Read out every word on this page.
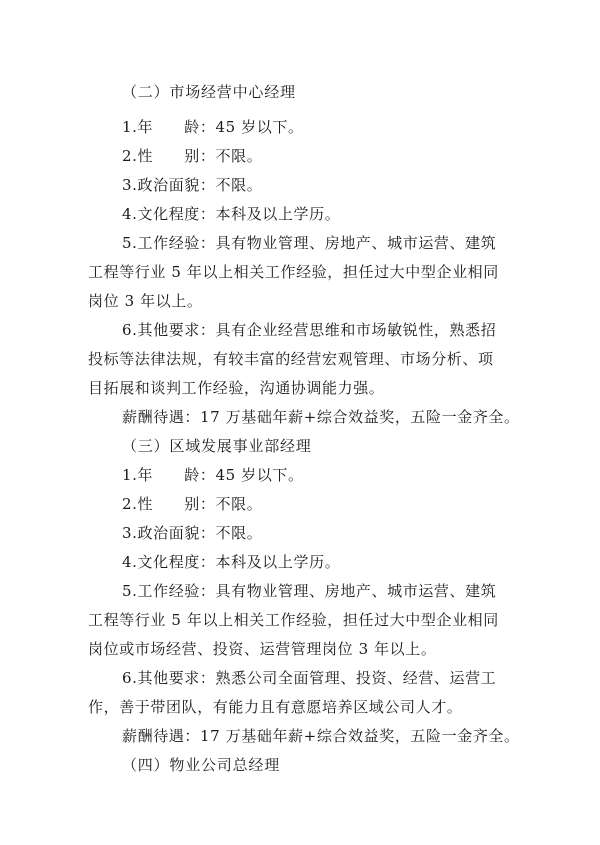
（二）市场经营中心经理
1.年　　龄：45 岁以下。
2.性　　别：不限。
3.政治面貌：不限。
4.文化程度：本科及以上学历。
5.工作经验：具有物业管理、房地产、城市运营、建筑
工程等行业 5 年以上相关工作经验，担任过大中型企业相同
岗位 3 年以上。
6.其他要求：具有企业经营思维和市场敏锐性，熟悉招
投标等法律法规，有较丰富的经营宏观管理、市场分析、项
目拓展和谈判工作经验，沟通协调能力强。
薪酬待遇：17 万基础年薪+综合效益奖，五险一金齐全。
（三）区域发展事业部经理
1.年　　龄：45 岁以下。
2.性　　别：不限。
3.政治面貌：不限。
4.文化程度：本科及以上学历。
5.工作经验：具有物业管理、房地产、城市运营、建筑
工程等行业 5 年以上相关工作经验，担任过大中型企业相同
岗位或市场经营、投资、运营管理岗位 3 年以上。
6.其他要求：熟悉公司全面管理、投资、经营、运营工
作，善于带团队，有能力且有意愿培养区域公司人才。
薪酬待遇：17 万基础年薪+综合效益奖，五险一金齐全。
（四）物业公司总经理
